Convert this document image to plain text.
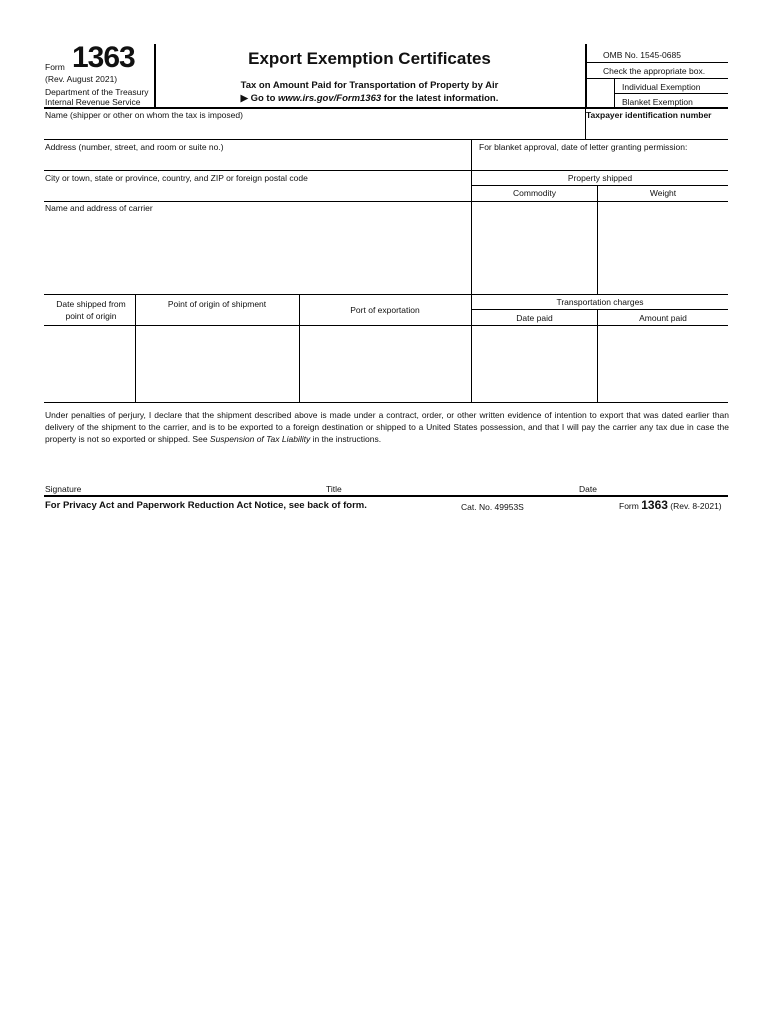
Form 1363
(Rev. August 2021)
Department of the Treasury
Internal Revenue Service
Export Exemption Certificates
Tax on Amount Paid for Transportation of Property by Air
▶ Go to www.irs.gov/Form1363 for the latest information.
OMB No. 1545-0685
Check the appropriate box.
Individual Exemption
Blanket Exemption
Name (shipper or other on whom the tax is imposed)	Taxpayer identification number
Address (number, street, and room or suite no.)	For blanket approval, date of letter granting permission:
City or town, state or province, country, and ZIP or foreign postal code	Property shipped
Commodity	Weight
Name and address of carrier
Date shipped from point of origin
Point of origin of shipment
Port of exportation
Transportation charges
Date paid	Amount paid
Under penalties of perjury, I declare that the shipment described above is made under a contract, order, or other written evidence of intention to export that was dated earlier than delivery of the shipment to the carrier, and is to be exported to a foreign destination or shipped to a United States possession, and that I will pay the carrier any tax due in case the property is not so exported or shipped. See Suspension of Tax Liability in the instructions.
Signature	Title	Date
For Privacy Act and Paperwork Reduction Act Notice, see back of form.	Cat. No. 49953S	Form 1363 (Rev. 8-2021)
